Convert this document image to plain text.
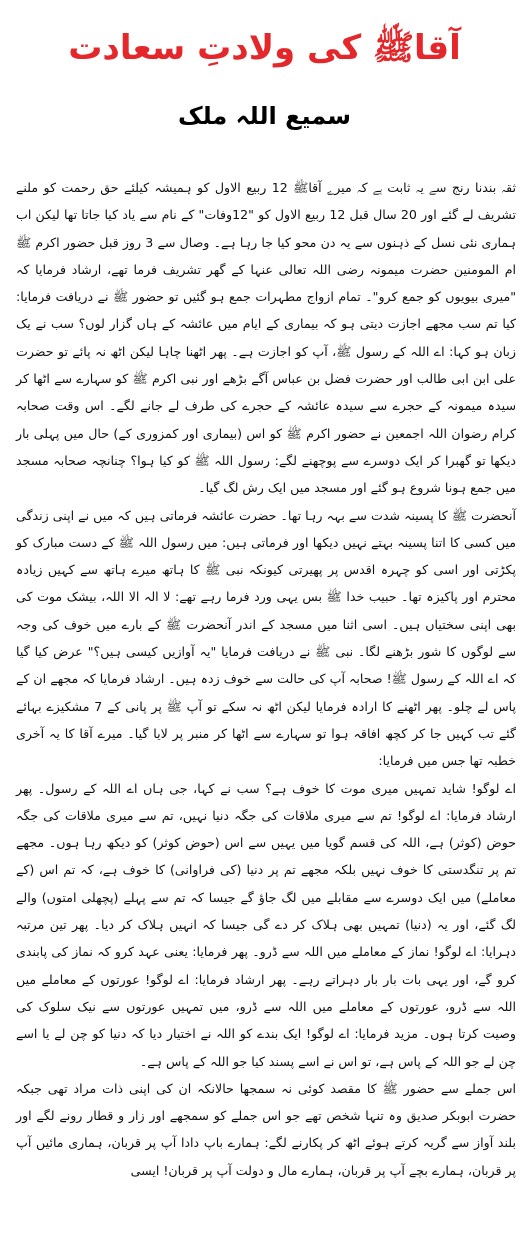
آقاﷺ کی ولادتِ سعادت
سمیع اللہ ملک

ثقہ بندنا رنج سے یہ ثابت ہے کہ میرے آقاﷺ 12 ربیع الاول کو ہمیشہ کیلئے حق رحمت کو ملنے تشریف لے گئے اور 20 سال قبل 12 ربیع الاول کو "12وفات" کے نام سے یاد کیا جاتا تھا لیکن اب ہماری نئی نسل کے ذہنوں سے یہ دن محو کیا جا رہا ہے۔ وصال سے 3 روز قبل حضور اکرم ﷺ ام المومنین حضرت میمونہ رضی اللہ تعالی عنہا کے گھر تشریف فرما تھے، ارشاد فرمایا کہ "میری بیویوں کو جمع کرو"۔ تمام ازواج مطہرات جمع ہو گئیں تو حضور ﷺ نے دریافت فرمایا: کیا تم سب مجھے اجازت دیتی ہو کہ بیماری کے ایام میں عائشہ کے ہاں گزار لوں؟ سب نے یک زبان ہو کہا: اے اللہ کے رسول ﷺ، آپ کو اجازت ہے۔ پھر اٹھنا چاہا لیکن اٹھ نہ پائے تو حضرت علی ابن ابی طالب اور حضرت فضل بن عباس آگے بڑھے اور نبی اکرم ﷺ کو سہارے سے اٹھا کر سیدہ میمونہ کے حجرے سے سیدہ عائشہ کے حجرے کی طرف لے جانے لگے۔ اس وقت صحابہ کرام رضوان اللہ اجمعین نے حضور اکرم ﷺ کو اس (بیماری اور کمزوری کے) حال میں پہلی بار دیکھا تو گھبرا کر ایک دوسرے سے پوچھنے لگے: رسول اللہ ﷺ کو کیا ہوا؟ چنانچہ صحابہ مسجد میں جمع ہونا شروع ہو گئے اور مسجد میں ایک رش لگ گیا۔

آنحضرت ﷺ کا پسینہ شدت سے بہہ رہا تھا۔ حضرت عائشہ فرماتی ہیں کہ میں نے اپنی زندگی میں کسی کا اتنا پسینہ بہتے نہیں دیکھا اور فرماتی ہیں: میں رسول اللہ ﷺ کے دست مبارک کو پکڑتی اور اسی کو چہرہ اقدس پر پھیرتی کیونکہ نبی ﷺ کا ہاتھ میرے ہاتھ سے کہیں زیادہ محترم اور پاکیزہ تھا۔ حبیب خدا ﷺ بس یہی ورد فرما رہے تھے: لا الہ الا اللہ، بیشک موت کی بھی اپنی سختیاں ہیں۔ اسی اثنا میں مسجد کے اندر آنحضرت ﷺ کے بارے میں خوف کی وجہ سے لوگوں کا شور بڑھنے لگا۔ نبی ﷺ نے دریافت فرمایا "یہ آوازیں کیسی ہیں؟" عرض کیا گیا کہ اے اللہ کے رسول ﷺ! صحابہ آپ کی حالت سے خوف زدہ ہیں۔ ارشاد فرمایا کہ مجھے ان کے پاس لے چلو۔ پھر اٹھنے کا ارادہ فرمایا لیکن اٹھ نہ سکے تو آپ ﷺ پر پانی کے 7 مشکیزے بہائے گئے تب کہیں جا کر کچھ افاقہ ہوا تو سہارے سے اٹھا کر منبر پر لایا گیا۔ میرے آقا کا یہ آخری خطبہ تھا جس میں فرمایا:

اے لوگو! شاید تمہیں میری موت کا خوف ہے؟ سب نے کہا، جی ہاں اے اللہ کے رسول۔ پھر ارشاد فرمایا: اے لوگو! تم سے میری ملاقات کی جگہ دنیا نہیں، تم سے میری ملاقات کی جگہ حوض (کوثر) ہے، اللہ کی قسم گویا میں یہیں سے اس (حوض کوثر) کو دیکھ رہا ہوں۔ مجھے تم پر تنگدستی کا خوف نہیں بلکہ مجھے تم پر دنیا (کی فراوانی) کا خوف ہے، کہ تم اس (کے معاملے) میں ایک دوسرے سے مقابلے میں لگ جاؤ گے جیسا کہ تم سے پہلے (پچھلی امتوں) والے لگ گئے، اور یہ (دنیا) تمہیں بھی ہلاک کر دے گی جیسا کہ انہیں ہلاک کر دیا۔ پھر تین مرتبہ دہرایا: اے لوگو! نماز کے معاملے میں اللہ سے ڈرو۔ پھر فرمایا: یعنی عہد کرو کہ نماز کی پابندی کرو گے، اور یہی بات بار بار دہراتے رہے۔ پھر ارشاد فرمایا: اے لوگو! عورتوں کے معاملے میں اللہ سے ڈرو، عورتوں کے معاملے میں اللہ سے ڈرو، میں تمہیں عورتوں سے نیک سلوک کی وصیت کرتا ہوں۔ مزید فرمایا: اے لوگو! ایک بندے کو اللہ نے اختیار دیا کہ دنیا کو چن لے یا اسے چن لے جو اللہ کے پاس ہے، تو اس نے اسے پسند کیا جو اللہ کے پاس ہے۔

اس جملے سے حضور ﷺ کا مقصد کوئی نہ سمجھا حالانکہ ان کی اپنی ذات مراد تھی جبکہ حضرت ابوبکر صدیق وہ تنہا شخص تھے جو اس جملے کو سمجھے اور زار و قطار رونے لگے اور بلند آواز سے گریہ کرتے ہوئے اٹھ کر پکارنے لگے: ہمارے باپ دادا آپ پر قربان، ہماری مائیں آپ پر قربان، ہمارے بچے آپ پر قربان، ہمارے مال و دولت آپ پر قربان! ایسی
